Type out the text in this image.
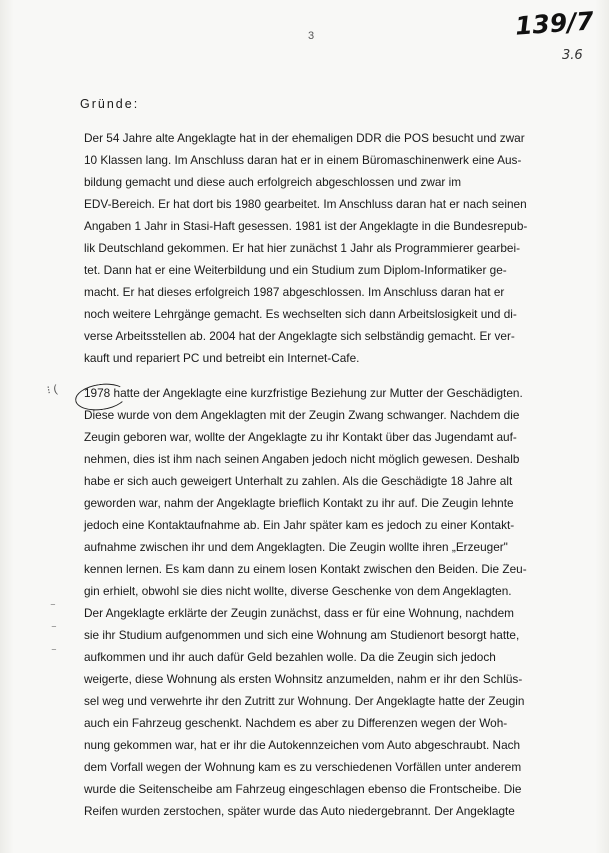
3	139/7
3.6
Gründe:
Der 54 Jahre alte Angeklagte hat in der ehemaligen DDR die POS besucht und zwar
10 Klassen lang. Im Anschluss daran hat er in einem Büromaschinenwerk eine Aus-
bildung gemacht und diese auch erfolgreich abgeschlossen und zwar im
EDV-Bereich. Er hat dort bis 1980 gearbeitet. Im Anschluss daran hat er nach seinen
Angaben 1 Jahr in Stasi-Haft gesessen. 1981 ist der Angeklagte in die Bundesrepub-
lik Deutschland gekommen. Er hat hier zunächst 1 Jahr als Programmierer gearbei-
tet. Dann hat er eine Weiterbildung und ein Studium zum Diplom-Informatiker ge-
macht. Er hat dieses erfolgreich 1987 abgeschlossen. Im Anschluss daran hat er
noch weitere Lehrgänge gemacht. Es wechselten sich dann Arbeitslosigkeit und di-
verse Arbeitsstellen ab. 2004 hat der Angeklagte sich selbständig gemacht. Er ver-
kauft und repariert PC und betreibt ein Internet-Cafe.
⁝ (
⁻
⁻
⁻
1978 hatte der Angeklagte eine kurzfristige Beziehung zur Mutter der Geschädigten.
Diese wurde von dem Angeklagten mit der Zeugin Zwang schwanger. Nachdem die
Zeugin geboren war, wollte der Angeklagte zu ihr Kontakt über das Jugendamt auf-
nehmen, dies ist ihm nach seinen Angaben jedoch nicht möglich gewesen. Deshalb
habe er sich auch geweigert Unterhalt zu zahlen. Als die Geschädigte 18 Jahre alt
geworden war, nahm der Angeklagte brieflich Kontakt zu ihr auf. Die Zeugin lehnte
jedoch eine Kontaktaufnahme ab. Ein Jahr später kam es jedoch zu einer Kontakt-
aufnahme zwischen ihr und dem Angeklagten. Die Zeugin wollte ihren „Erzeuger"
kennen lernen. Es kam dann zu einem losen Kontakt zwischen den Beiden. Die Zeu-
gin erhielt, obwohl sie dies nicht wollte, diverse Geschenke von dem Angeklagten.
Der Angeklagte erklärte der Zeugin zunächst, dass er für eine Wohnung, nachdem
sie ihr Studium aufgenommen und sich eine Wohnung am Studienort besorgt hatte,
aufkommen und ihr auch dafür Geld bezahlen wolle. Da die Zeugin sich jedoch
weigerte, diese Wohnung als ersten Wohnsitz anzumelden, nahm er ihr den Schlüs-
sel weg und verwehrte ihr den Zutritt zur Wohnung. Der Angeklagte hatte der Zeugin
auch ein Fahrzeug geschenkt. Nachdem es aber zu Differenzen wegen der Woh-
nung gekommen war, hat er ihr die Autokennzeichen vom Auto abgeschraubt. Nach
dem Vorfall wegen der Wohnung kam es zu verschiedenen Vorfällen unter anderem
wurde die Seitenscheibe am Fahrzeug eingeschlagen ebenso die Frontscheibe. Die
Reifen wurden zerstochen, später wurde das Auto niedergebrannt. Der Angeklagte
